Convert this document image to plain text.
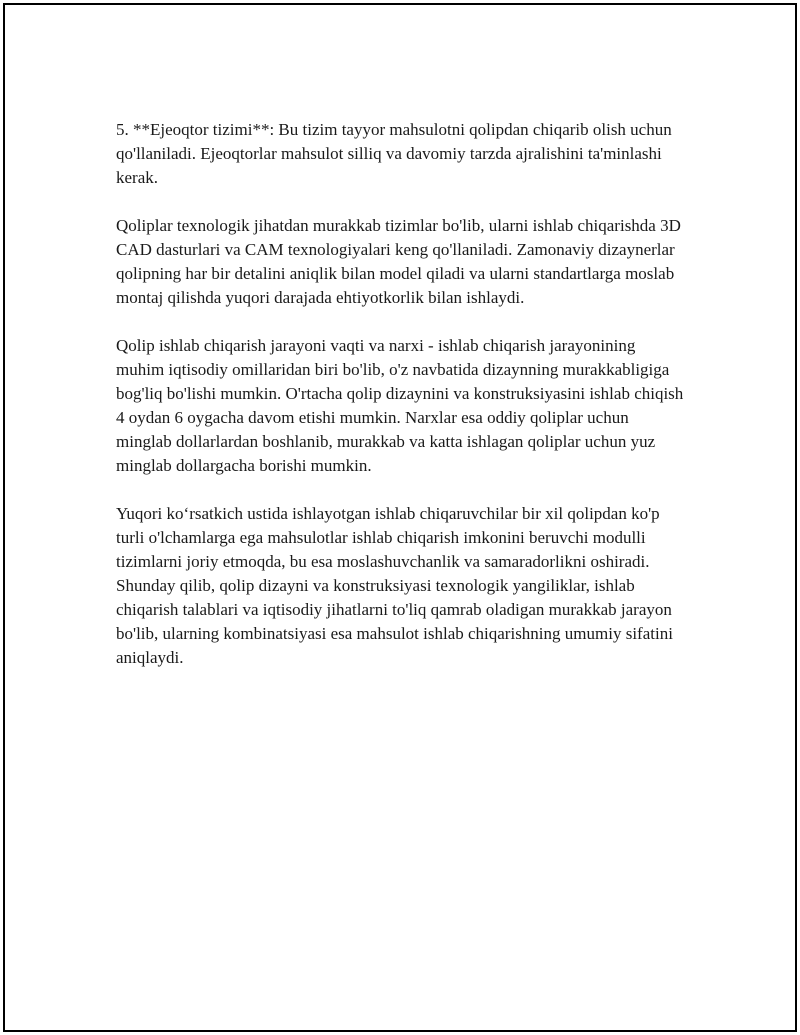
5. **Ejeoqtor tizimi**: Bu tizim tayyor mahsulotni qolipdan chiqarib olish uchun qo'llaniladi. Ejeoqtorlar mahsulot silliq va davomiy tarzda ajralishini ta'minlashi kerak.

Qoliplar texnologik jihatdan murakkab tizimlar bo'lib, ularni ishlab chiqarishda 3D CAD dasturlari va CAM texnologiyalari keng qo'llaniladi. Zamonaviy dizaynerlar qolipning har bir detalini aniqlik bilan model qiladi va ularni standartlarga moslab montaj qilishda yuqori darajada ehtiyotkorlik bilan ishlaydi.

Qolip ishlab chiqarish jarayoni vaqti va narxi - ishlab chiqarish jarayonining muhim iqtisodiy omillaridan biri bo'lib, o'z navbatida dizaynning murakkabligiga bog'liq bo'lishi mumkin. O'rtacha qolip dizaynini va konstruksiyasini ishlab chiqish 4 oydan 6 oygacha davom etishi mumkin. Narxlar esa oddiy qoliplar uchun minglab dollarlardan boshlanib, murakkab va katta ishlagan qoliplar uchun yuz minglab dollargacha borishi mumkin.

Yuqori koʻrsatkich ustida ishlayotgan ishlab chiqaruvchilar bir xil qolipdan ko'p turli o'lchamlarga ega mahsulotlar ishlab chiqarish imkonini beruvchi modulli tizimlarni joriy etmoqda, bu esa moslashuvchanlik va samaradorlikni oshiradi. Shunday qilib, qolip dizayni va konstruksiyasi texnologik yangiliklar, ishlab chiqarish talablari va iqtisodiy jihatlarni to'liq qamrab oladigan murakkab jarayon bo'lib, ularning kombinatsiyasi esa mahsulot ishlab chiqarishning umumiy sifatini aniqlaydi.
